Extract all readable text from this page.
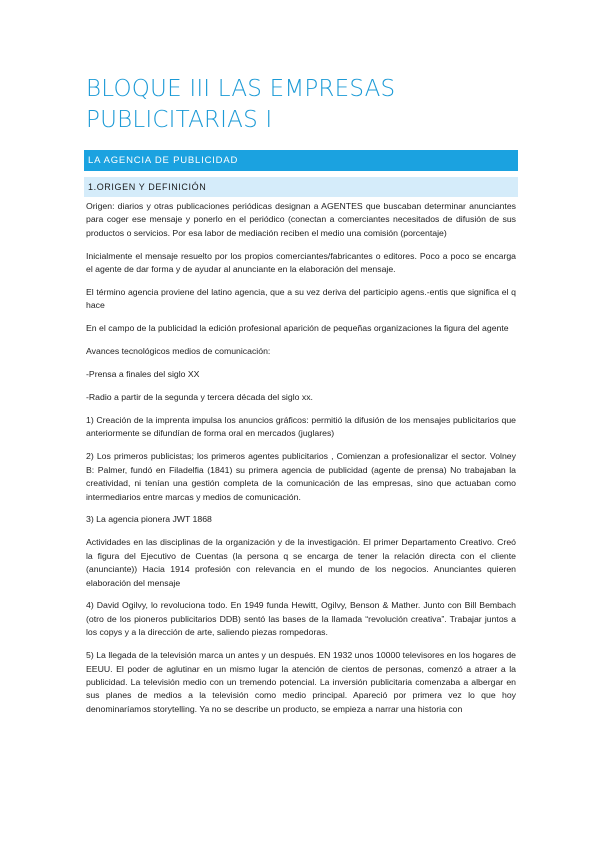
BLOQUE III LAS EMPRESAS
PUBLICITARIAS I
LA AGENCIA DE PUBLICIDAD
1.ORIGEN Y DEFINICIÓN

Origen: diarios y otras publicaciones periódicas designan a AGENTES que buscaban determinar anunciantes para coger ese mensaje y ponerlo en el periódico (conectan a comerciantes necesitados de difusión de sus productos o servicios. Por esa labor de mediación reciben el medio una comisión (porcentaje)

Inicialmente el mensaje resuelto por los propios comerciantes/fabricantes o editores. Poco a poco se encarga el agente de dar forma y de ayudar al anunciante en la elaboración del mensaje.

El término agencia proviene del latino agencia, que a su vez deriva del participio agens.-entis que significa el q hace

En el campo de la publicidad la edición profesional aparición de pequeñas organizaciones la figura del agente

Avances tecnológicos medios de comunicación:

-Prensa a finales del siglo XX

-Radio a partir de la segunda y tercera década del siglo xx.

1) Creación de la imprenta impulsa los anuncios gráficos: permitió la difusión de los mensajes publicitarios que anteriormente se difundían de forma oral en mercados (juglares)

2) Los primeros publicistas; los primeros agentes publicitarios , Comienzan a profesionalizar el sector. Volney B: Palmer, fundó en Filadelfia (1841) su primera agencia de publicidad (agente de prensa) No trabajaban la creatividad, ni tenían una gestión completa de la comunicación de las empresas, sino que actuaban como intermediarios entre marcas y medios de comunicación.

3) La agencia pionera JWT 1868

Actividades en las disciplinas de la organización y de la investigación. El primer Departamento Creativo. Creó la figura del Ejecutivo de Cuentas (la persona q se encarga de tener la relación directa con el cliente (anunciante)) Hacia 1914 profesión con relevancia en el mundo de los negocios. Anunciantes quieren elaboración del mensaje

4) David Ogilvy, lo revoluciona todo. En 1949 funda Hewitt, Ogilvy, Benson & Mather. Junto con Bill Bembach (otro de los pioneros publicitarios DDB) sentó las bases de la llamada “revolución creativa”. Trabajar juntos a los copys y a la dirección de arte, saliendo piezas rompedoras.

5) La llegada de la televisión marca un antes y un después. EN 1932 unos 10000 televisores en los hogares de EEUU. El poder de aglutinar en un mismo lugar la atención de cientos de personas, comenzó a atraer a la publicidad. La televisión medio con un tremendo potencial. La inversión publicitaria comenzaba a albergar en sus planes de medios a la televisión como medio principal. Apareció por primera vez lo que hoy denominaríamos storytelling. Ya no se describe un producto, se empieza a narrar una historia con
